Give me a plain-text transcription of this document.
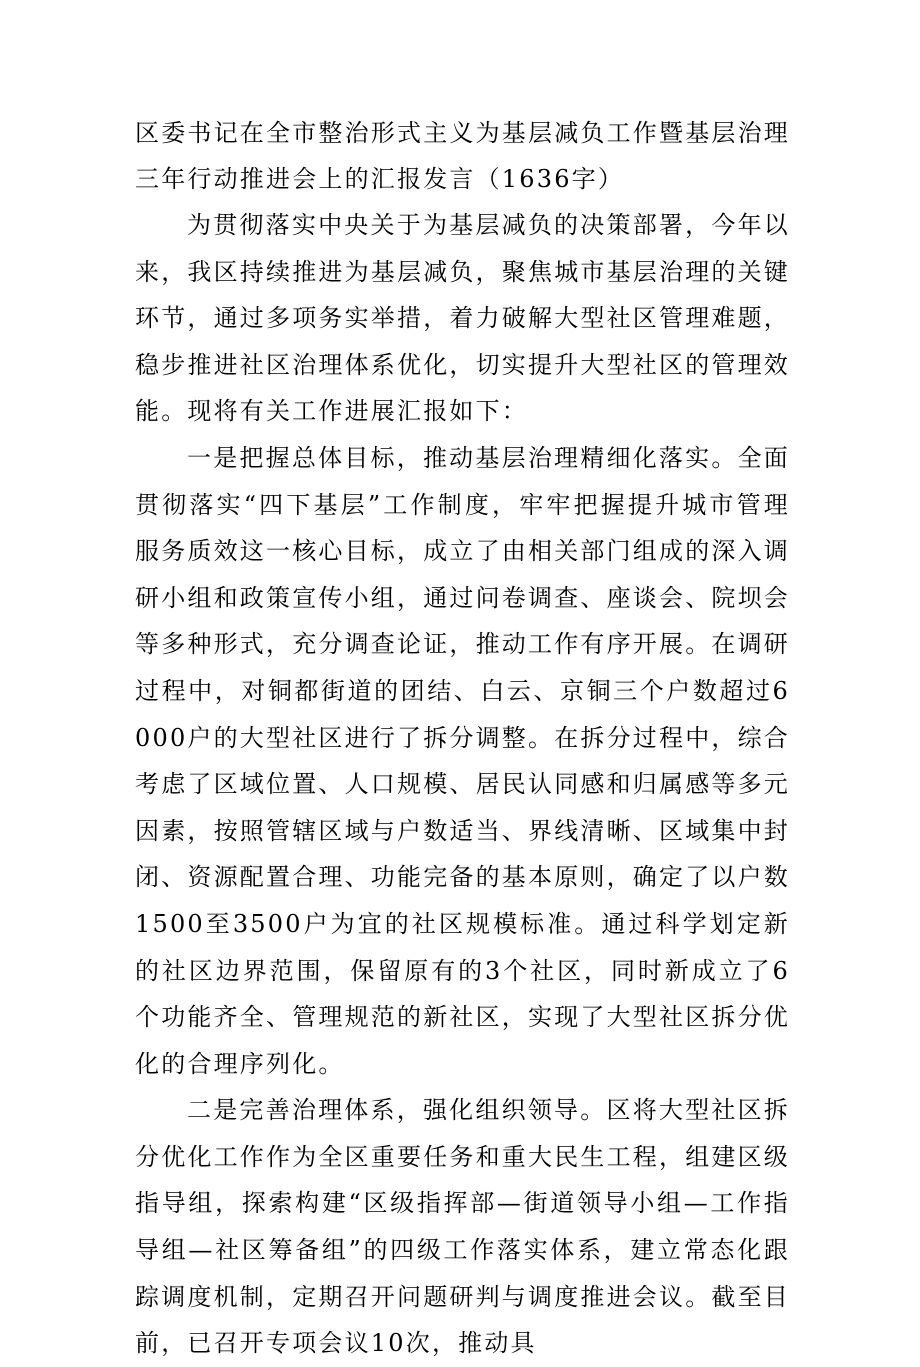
区委书记在全市整治形式主义为基层减负工作暨基层治理三年行动推进会上的汇报发言（1636字）

为贯彻落实中央关于为基层减负的决策部署，今年以来，我区持续推进为基层减负，聚焦城市基层治理的关键环节，通过多项务实举措，着力破解大型社区管理难题，稳步推进社区治理体系优化，切实提升大型社区的管理效能。现将有关工作进展汇报如下：

一是把握总体目标，推动基层治理精细化落实。全面贯彻落实“四下基层”工作制度，牢牢把握提升城市管理服务质效这一核心目标，成立了由相关部门组成的深入调研小组和政策宣传小组，通过问卷调查、座谈会、院坝会等多种形式，充分调查论证，推动工作有序开展。在调研过程中，对铜都街道的团结、白云、京铜三个户数超过6000户的大型社区进行了拆分调整。在拆分过程中，综合考虑了区域位置、人口规模、居民认同感和归属感等多元因素，按照管辖区域与户数适当、界线清晰、区域集中封闭、资源配置合理、功能完备的基本原则，确定了以户数1500至3500户为宜的社区规模标准。通过科学划定新的社区边界范围，保留原有的3个社区，同时新成立了6个功能齐全、管理规范的新社区，实现了大型社区拆分优化的合理序列化。

二是完善治理体系，强化组织领导。区将大型社区拆分优化工作作为全区重要任务和重大民生工程，组建区级指导组，探索构建“区级指挥部—街道领导小组—工作指导组—社区筹备组”的四级工作落实体系，建立常态化跟踪调度机制，定期召开问题研判与调度推进会议。截至目前，已召开专项会议10次，推动具
